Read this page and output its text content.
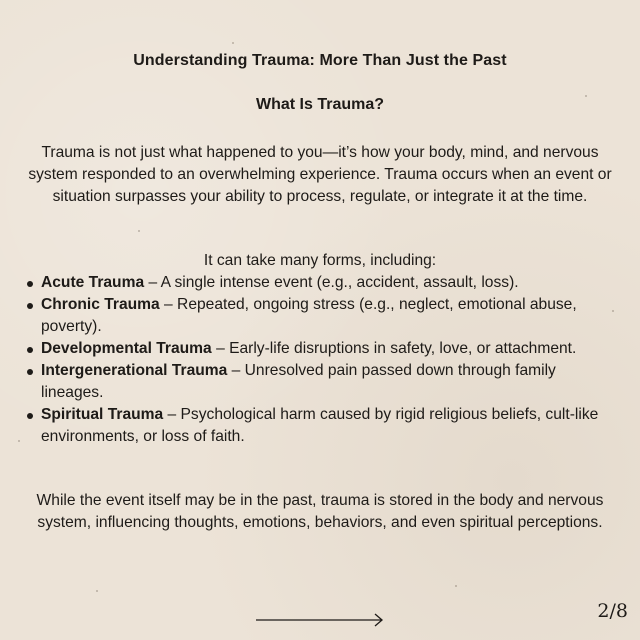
Understanding Trauma: More Than Just the Past
What Is Trauma?

Trauma is not just what happened to you—it’s how your body, mind, and nervous system responded to an overwhelming experience. Trauma occurs when an event or situation surpasses your ability to process, regulate, or integrate it at the time.

It can take many forms, including:

Acute Trauma – A single intense event (e.g., accident, assault, loss).
Chronic Trauma – Repeated, ongoing stress (e.g., neglect, emotional abuse, poverty).
Developmental Trauma – Early-life disruptions in safety, love, or attachment.
Intergenerational Trauma – Unresolved pain passed down through family lineages.
Spiritual Trauma – Psychological harm caused by rigid religious beliefs, cult-like environments, or loss of faith.

While the event itself may be in the past, trauma is stored in the body and nervous system, influencing thoughts, emotions, behaviors, and even spiritual perceptions.

2/8
